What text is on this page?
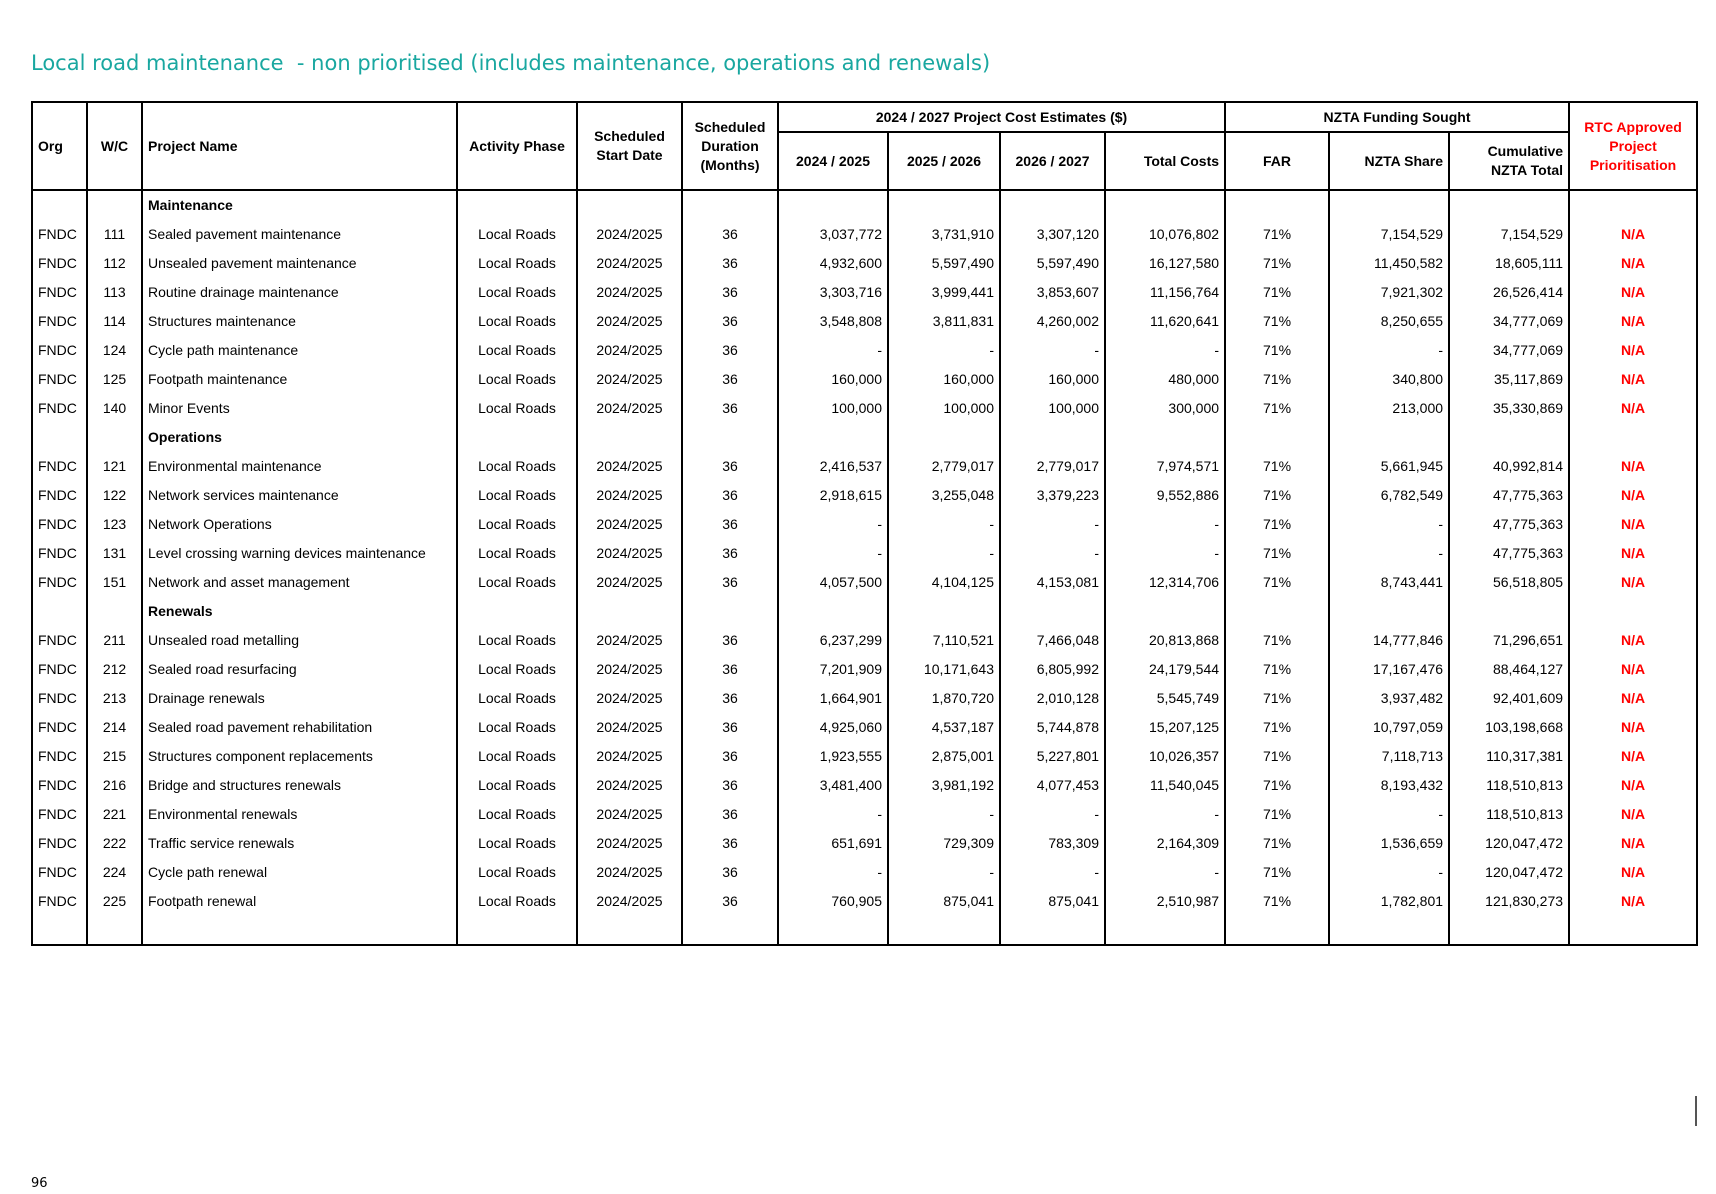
Local road maintenance  - non prioritised (includes maintenance, operations and renewals)
Org	W/C	Project Name	Activity Phase	Scheduled Start Date	Scheduled Duration (Months)	2024 / 2027 Project Cost Estimates ($)				NZTA Funding Sought			RTC Approved Project Prioritisation
						2024 / 2025	2025 / 2026	2026 / 2027	Total Costs	FAR	NZTA Share	Cumulative NZTA Total	
		Maintenance											
FNDC	111	Sealed pavement maintenance	Local Roads	2024/2025	36	3,037,772	3,731,910	3,307,120	10,076,802	71%	7,154,529	7,154,529	N/A
FNDC	112	Unsealed pavement maintenance	Local Roads	2024/2025	36	4,932,600	5,597,490	5,597,490	16,127,580	71%	11,450,582	18,605,111	N/A
FNDC	113	Routine drainage maintenance	Local Roads	2024/2025	36	3,303,716	3,999,441	3,853,607	11,156,764	71%	7,921,302	26,526,414	N/A
FNDC	114	Structures maintenance	Local Roads	2024/2025	36	3,548,808	3,811,831	4,260,002	11,620,641	71%	8,250,655	34,777,069	N/A
FNDC	124	Cycle path maintenance	Local Roads	2024/2025	36	-	-	-	-	71%	-	34,777,069	N/A
FNDC	125	Footpath maintenance	Local Roads	2024/2025	36	160,000	160,000	160,000	480,000	71%	340,800	35,117,869	N/A
FNDC	140	Minor Events	Local Roads	2024/2025	36	100,000	100,000	100,000	300,000	71%	213,000	35,330,869	N/A
		Operations											
FNDC	121	Environmental maintenance	Local Roads	2024/2025	36	2,416,537	2,779,017	2,779,017	7,974,571	71%	5,661,945	40,992,814	N/A
FNDC	122	Network services maintenance	Local Roads	2024/2025	36	2,918,615	3,255,048	3,379,223	9,552,886	71%	6,782,549	47,775,363	N/A
FNDC	123	Network Operations	Local Roads	2024/2025	36	-	-	-	-	71%	-	47,775,363	N/A
FNDC	131	Level crossing warning devices maintenance	Local Roads	2024/2025	36	-	-	-	-	71%	-	47,775,363	N/A
FNDC	151	Network and asset management	Local Roads	2024/2025	36	4,057,500	4,104,125	4,153,081	12,314,706	71%	8,743,441	56,518,805	N/A
		Renewals											
FNDC	211	Unsealed road metalling	Local Roads	2024/2025	36	6,237,299	7,110,521	7,466,048	20,813,868	71%	14,777,846	71,296,651	N/A
FNDC	212	Sealed road resurfacing	Local Roads	2024/2025	36	7,201,909	10,171,643	6,805,992	24,179,544	71%	17,167,476	88,464,127	N/A
FNDC	213	Drainage renewals	Local Roads	2024/2025	36	1,664,901	1,870,720	2,010,128	5,545,749	71%	3,937,482	92,401,609	N/A
FNDC	214	Sealed road pavement rehabilitation	Local Roads	2024/2025	36	4,925,060	4,537,187	5,744,878	15,207,125	71%	10,797,059	103,198,668	N/A
FNDC	215	Structures component replacements	Local Roads	2024/2025	36	1,923,555	2,875,001	5,227,801	10,026,357	71%	7,118,713	110,317,381	N/A
FNDC	216	Bridge and structures renewals	Local Roads	2024/2025	36	3,481,400	3,981,192	4,077,453	11,540,045	71%	8,193,432	118,510,813	N/A
FNDC	221	Environmental renewals	Local Roads	2024/2025	36	-	-	-	-	71%	-	118,510,813	N/A
FNDC	222	Traffic service renewals	Local Roads	2024/2025	36	651,691	729,309	783,309	2,164,309	71%	1,536,659	120,047,472	N/A
FNDC	224	Cycle path renewal	Local Roads	2024/2025	36	-	-	-	-	71%	-	120,047,472	N/A
FNDC	225	Footpath renewal	Local Roads	2024/2025	36	760,905	875,041	875,041	2,510,987	71%	1,782,801	121,830,273	N/A

96
